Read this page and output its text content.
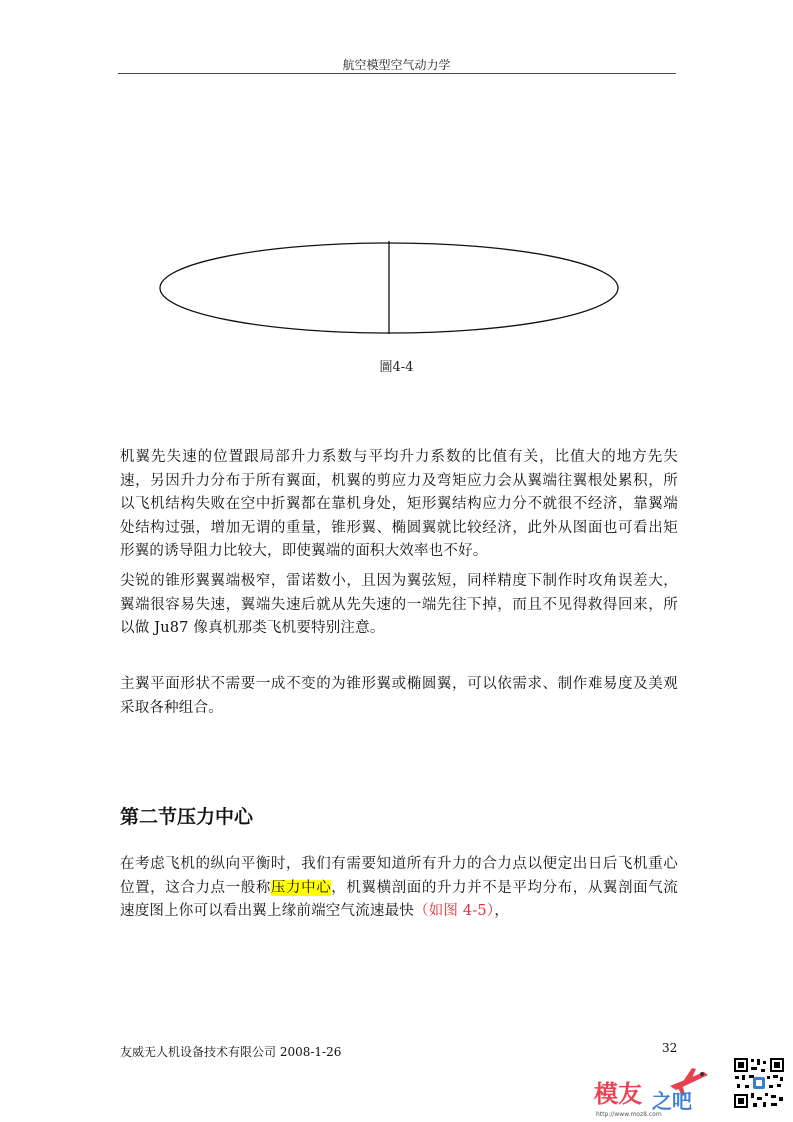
航空模型空气动力学
圖4-4
机翼先失速的位置跟局部升力系数与平均升力系数的比值有关，比值大的地方先失速，另因升力分布于所有翼面，机翼的剪应力及弯矩应力会从翼端往翼根处累积，所以飞机结构失败在空中折翼都在靠机身处，矩形翼结构应力分不就很不经济，靠翼端处结构过强，增加无谓的重量，锥形翼、椭圆翼就比较经济，此外从图面也可看出矩形翼的诱导阻力比较大，即使翼端的面积大效率也不好。
尖锐的锥形翼翼端极窄，雷诺数小，且因为翼弦短，同样精度下制作时攻角误差大，翼端很容易失速，翼端失速后就从先失速的一端先往下掉，而且不见得救得回来，所以做 Ju87 像真机那类飞机要特别注意。
主翼平面形状不需要一成不变的为锥形翼或椭圆翼，可以依需求、制作难易度及美观采取各种组合。
第二节压力中心
在考虑飞机的纵向平衡时，我们有需要知道所有升力的合力点以便定出日后飞机重心位置，这合力点一般称压力中心，机翼横剖面的升力并不是平均分布，从翼剖面气流速度图上你可以看出翼上缘前端空气流速最快（如图 4-5），
友威无人机设备技术有限公司 2008-1-26	32
模友 之吧
http://www.moz8.com
